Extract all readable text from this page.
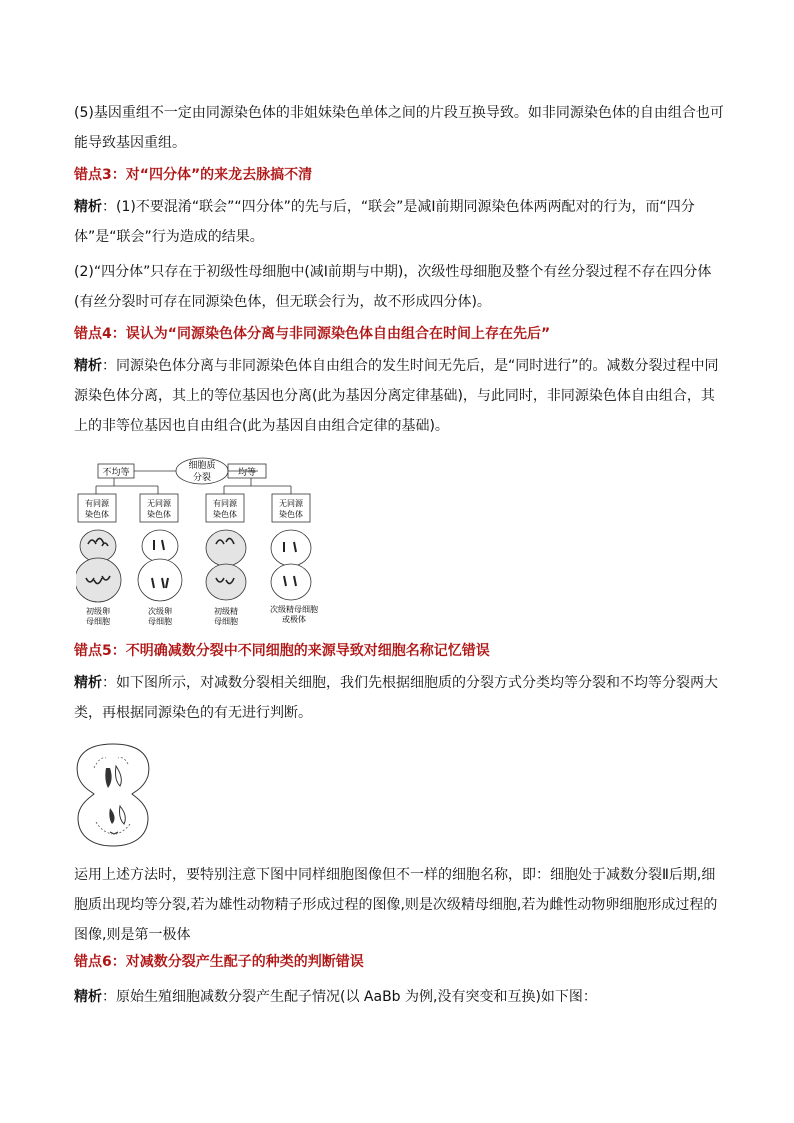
(5)基因重组不一定由同源染色体的非姐妹染色单体之间的片段互换导致。如非同源染色体的自由组合也可能导致基因重组。

错点3：对“四分体”的来龙去脉搞不清

精析：(1)不要混淆“联会”“四分体”的先与后，“联会”是减Ⅰ前期同源染色体两两配对的行为，而“四分体”是“联会”行为造成的结果。

(2)“四分体”只存在于初级性母细胞中(减Ⅰ前期与中期)，次级性母细胞及整个有丝分裂过程不存在四分体(有丝分裂时可存在同源染色体，但无联会行为，故不形成四分体)。

错点4：误认为“同源染色体分离与非同源染色体自由组合在时间上存在先后”

精析：同源染色体分离与非同源染色体自由组合的发生时间无先后，是“同时进行”的。减数分裂过程中同源染色体分离，其上的等位基因也分离(此为基因分离定律基础)，与此同时，非同源染色体自由组合，其上的非等位基因也自由组合(此为基因自由组合定律的基础)。

细胞质
分裂
不均等	均等
有同源
染色体
无同源
染色体
有同源
染色体
无同源
染色体
初级卵
母细胞
次级卵
母细胞
初级精
母细胞
次级精母细胞
或极体

错点5：不明确减数分裂中不同细胞的来源导致对细胞名称记忆错误

精析：如下图所示，对减数分裂相关细胞，我们先根据细胞质的分裂方式分类均等分裂和不均等分裂两大类，再根据同源染色的有无进行判断。

运用上述方法时，要特别注意下图中同样细胞图像但不一样的细胞名称，即：细胞处于减数分裂Ⅱ后期,细胞质出现均等分裂,若为雄性动物精子形成过程的图像,则是次级精母细胞,若为雌性动物卵细胞形成过程的图像,则是第一极体

错点6：对减数分裂产生配子的种类的判断错误

精析：原始生殖细胞减数分裂产生配子情况(以 AaBb 为例,没有突变和互换)如下图：
